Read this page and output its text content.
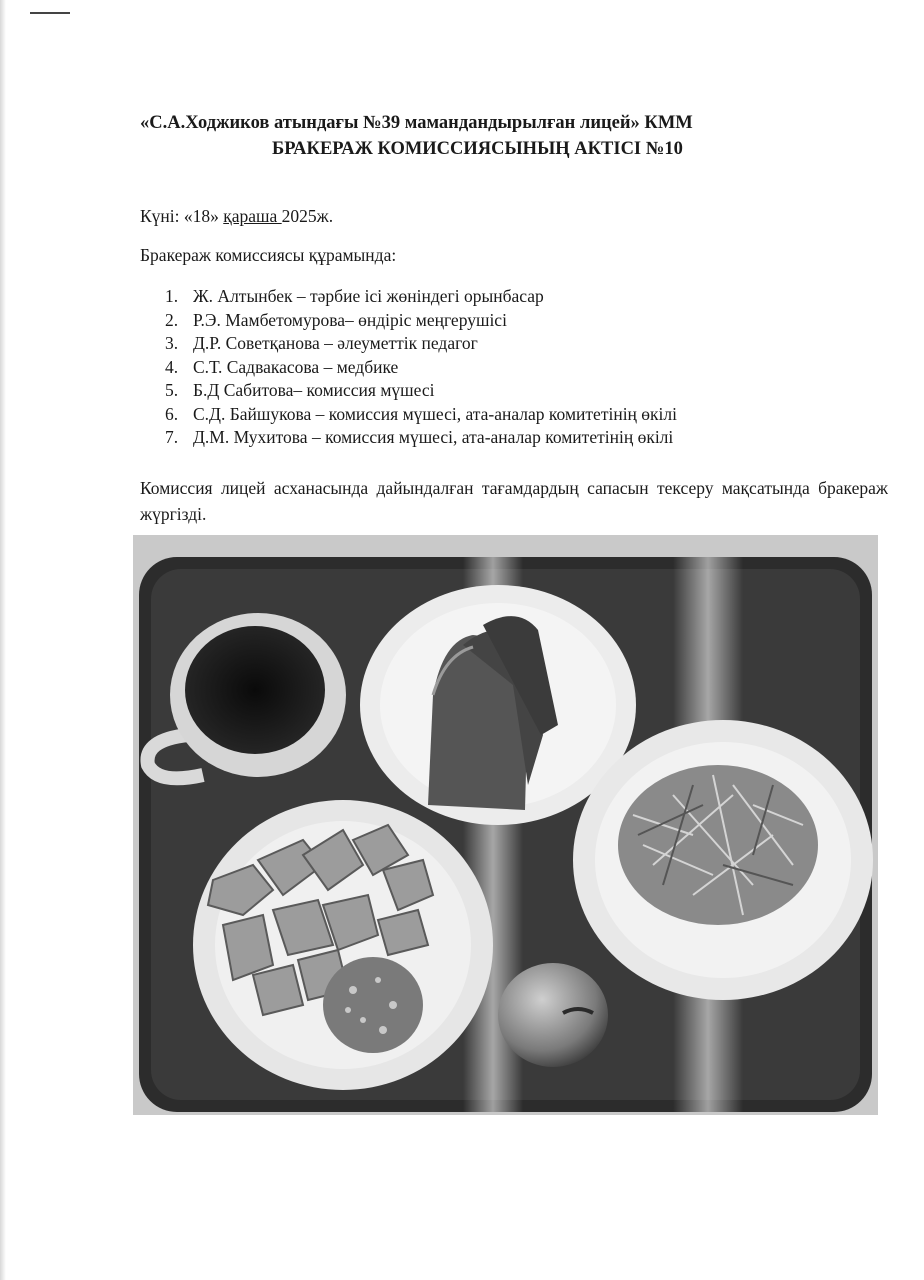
«С.А.Ходжиков атындағы №39 мамандандырылған лицей» КММ
БРАКЕРАЖ КОМИССИЯСЫНЫҢ АКТІСІ №10
Күні: «18» қараша 2025ж.
Бракераж комиссиясы құрамында:
1. Ж. Алтынбек – тәрбие ісі жөніндегі орынбасар
2. Р.Э. Мамбетомурова– өндіріс меңгерушісі
3. Д.Р. Советқанова – әлеуметтік педагог
4. С.Т. Садвакасова – медбике
5. Б.Д Сабитова– комиссия мүшесі
6. С.Д. Байшукова – комиссия мүшесі, ата-аналар комитетінің өкілі
7. Д.М. Мухитова – комиссия мүшесі, ата-аналар комитетінің өкілі
Комиссия лицей асханасында дайындалған тағамдардың сапасын тексеру мақсатында бракераж жүргізді.
